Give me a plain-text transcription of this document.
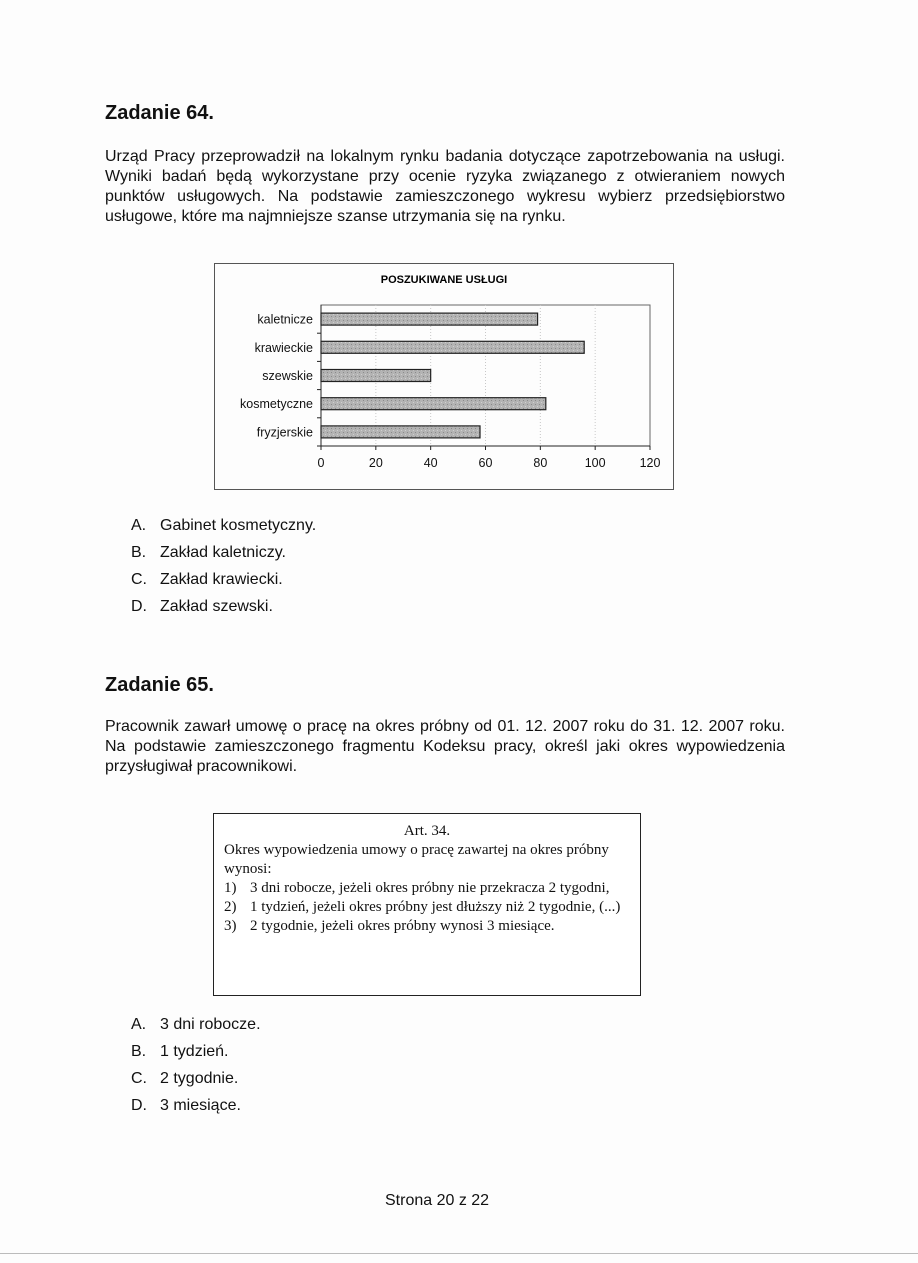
Zadanie 64.
Urząd Pracy przeprowadził na lokalnym rynku badania dotyczące zapotrzebowania na usługi. Wyniki badań będą wykorzystane przy ocenie ryzyka związanego z otwieraniem nowych punktów usługowych. Na podstawie zamieszczonego wykresu wybierz przedsiębiorstwo usługowe, które ma najmniejsze szanse utrzymania się na rynku.
POSZUKIWANE USŁUGI
0	20	40	60	80	100	120
kaletnicze
krawieckie
szewskie
kosmetyczne
fryzjerskie
A. Gabinet kosmetyczny.
B. Zakład kaletniczy.
C. Zakład krawiecki.
D. Zakład szewski.
Zadanie 65.
Pracownik zawarł umowę o pracę na okres próbny od 01. 12. 2007 roku do 31. 12. 2007 roku. Na podstawie zamieszczonego fragmentu Kodeksu pracy, określ jaki okres wypowiedzenia przysługiwał pracownikowi.
Art. 34.
Okres wypowiedzenia umowy o pracę zawartej na okres próbny wynosi:
1) 3 dni robocze, jeżeli okres próbny nie przekracza 2 tygodni,
2) 1 tydzień, jeżeli okres próbny jest dłuższy niż 2 tygodnie, (...)
3) 2 tygodnie, jeżeli okres próbny wynosi 3 miesiące.
A. 3 dni robocze.
B. 1 tydzień.
C. 2 tygodnie.
D. 3 miesiące.
Strona 20 z 22
